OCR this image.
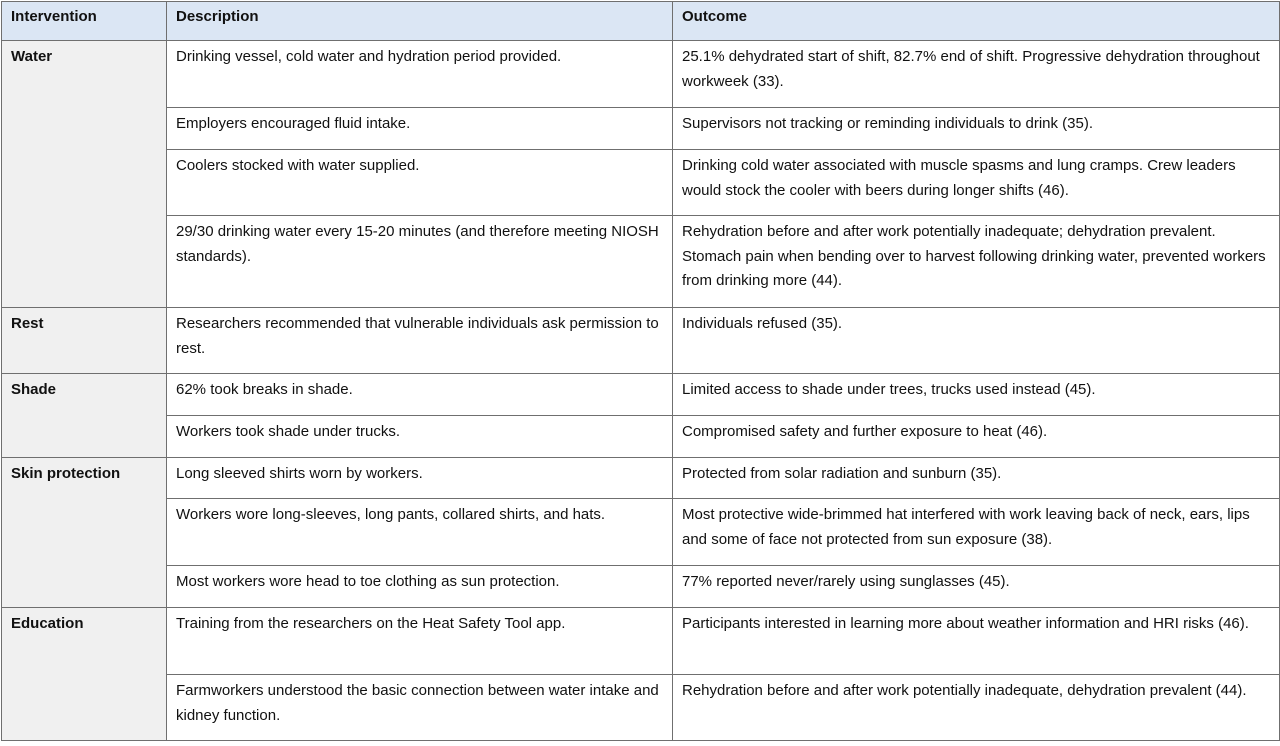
Intervention	Description	Outcome
Water	Drinking vessel, cold water and hydration period provided.	25.1% dehydrated start of shift, 82.7% end of shift. Progressive dehydration throughout workweek (33).
	Employers encouraged fluid intake.	Supervisors not tracking or reminding individuals to drink (35).
	Coolers stocked with water supplied.	Drinking cold water associated with muscle spasms and lung cramps. Crew leaders would stock the cooler with beers during longer shifts (46).
	29/30 drinking water every 15-20 minutes (and therefore meeting NIOSH standards).	Rehydration before and after work potentially inadequate; dehydration prevalent. Stomach pain when bending over to harvest following drinking water, prevented workers from drinking more (44).
Rest	Researchers recommended that vulnerable individuals ask permission to rest.	Individuals refused (35).
Shade	62% took breaks in shade.	Limited access to shade under trees, trucks used instead (45).
	Workers took shade under trucks.	Compromised safety and further exposure to heat (46).
Skin protection	Long sleeved shirts worn by workers.	Protected from solar radiation and sunburn (35).
	Workers wore long-sleeves, long pants, collared shirts, and hats.	Most protective wide-brimmed hat interfered with work leaving back of neck, ears, lips and some of face not protected from sun exposure (38).
	Most workers wore head to toe clothing as sun protection.	77% reported never/rarely using sunglasses (45).
Education	Training from the researchers on the Heat Safety Tool app.	Participants interested in learning more about weather information and HRI risks (46).
	Farmworkers understood the basic connection between water intake and kidney function.	Rehydration before and after work potentially inadequate, dehydration prevalent (44).
